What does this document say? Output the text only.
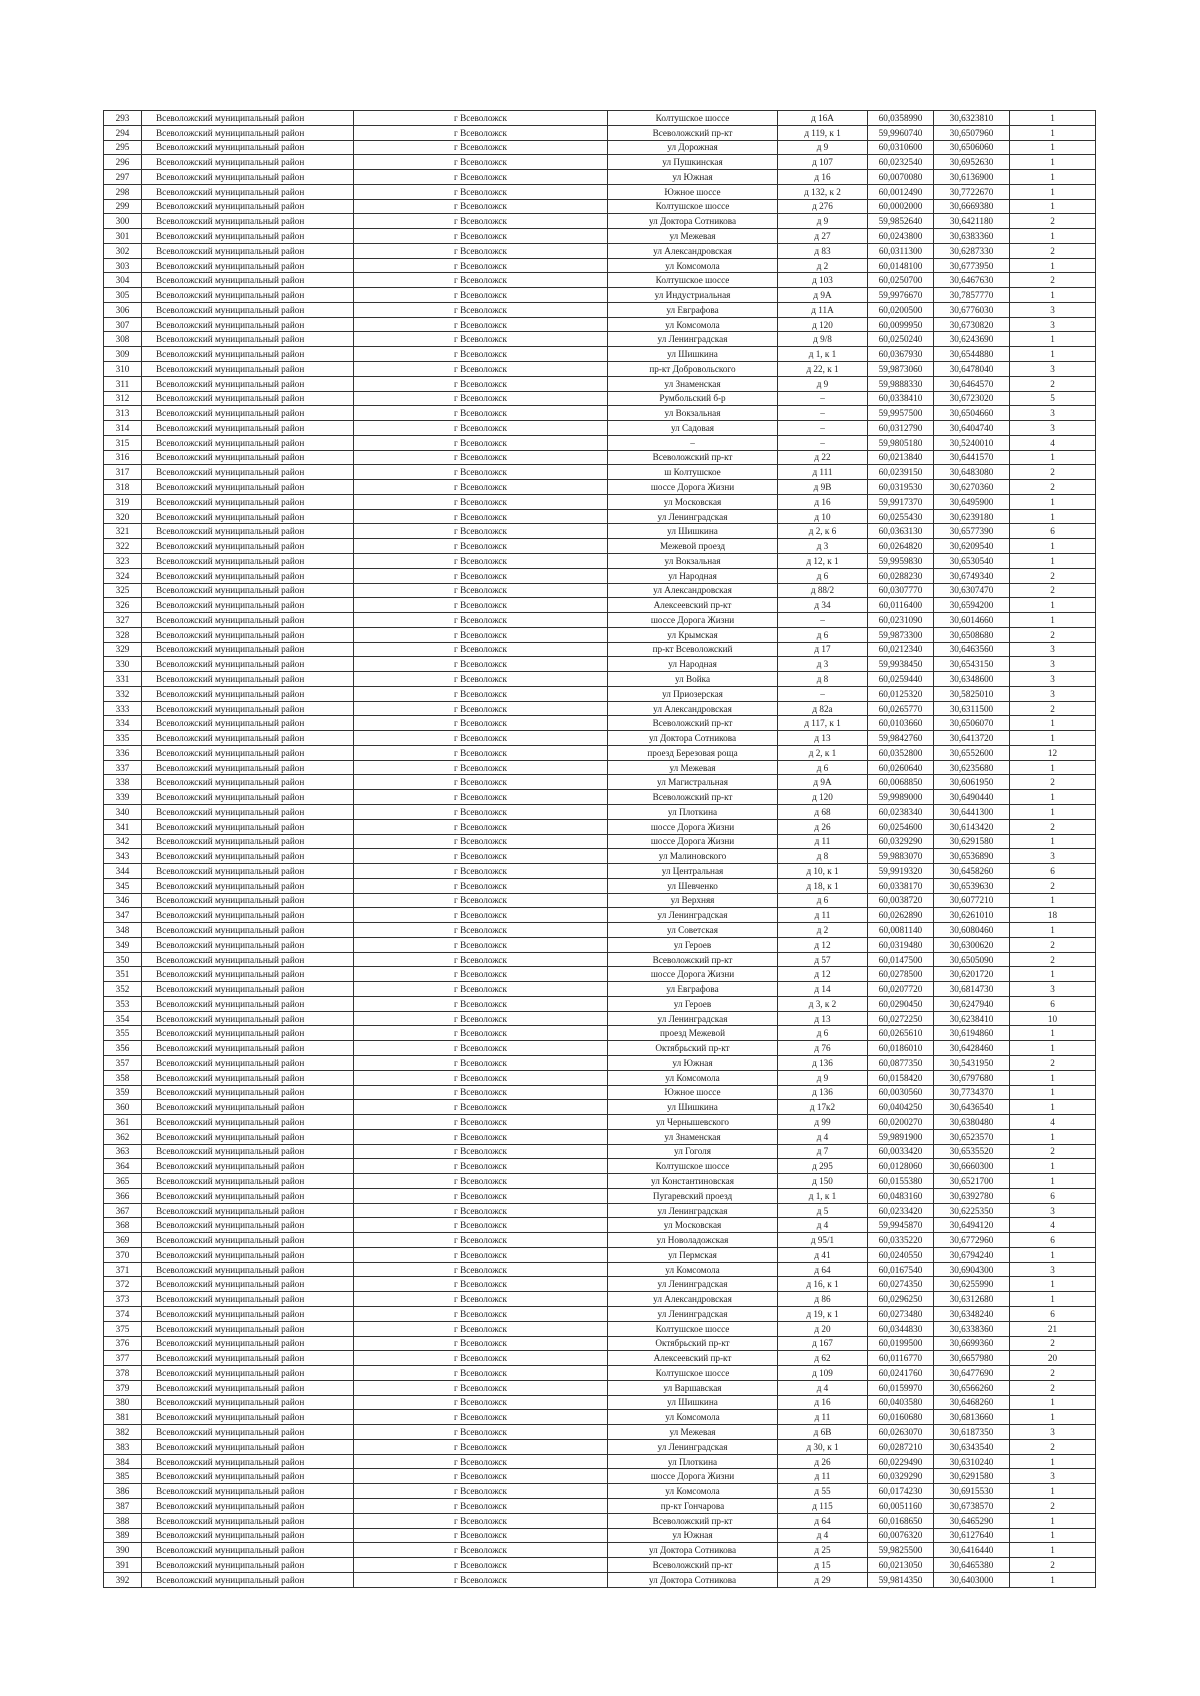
293	Всеволожский муниципальный район	г Всеволожск	Колтушское шоссе	д 16А	60,0358990	30,6323810	1
294	Всеволожский муниципальный район	г Всеволожск	Всеволожский пр-кт	д 119, к 1	59,9960740	30,6507960	1
295	Всеволожский муниципальный район	г Всеволожск	ул Дорожная	д 9	60,0310600	30,6506060	1
296	Всеволожский муниципальный район	г Всеволожск	ул Пушкинская	д 107	60,0232540	30,6952630	1
297	Всеволожский муниципальный район	г Всеволожск	ул Южная	д 16	60,0070080	30,6136900	1
298	Всеволожский муниципальный район	г Всеволожск	Южное шоссе	д 132, к 2	60,0012490	30,7722670	1
299	Всеволожский муниципальный район	г Всеволожск	Колтушское шоссе	д 276	60,0002000	30,6669380	1
300	Всеволожский муниципальный район	г Всеволожск	ул Доктора Сотникова	д 9	59,9852640	30,6421180	2
301	Всеволожский муниципальный район	г Всеволожск	ул Межевая	д 27	60,0243800	30,6383360	1
302	Всеволожский муниципальный район	г Всеволожск	ул Александровская	д 83	60,0311300	30,6287330	2
303	Всеволожский муниципальный район	г Всеволожск	ул Комсомола	д 2	60,0148100	30,6773950	1
304	Всеволожский муниципальный район	г Всеволожск	Колтушское шоссе	д 103	60,0250700	30,6467630	2
305	Всеволожский муниципальный район	г Всеволожск	ул Индустриальная	д 9А	59,9976670	30,7857770	1
306	Всеволожский муниципальный район	г Всеволожск	ул Евграфова	д 11А	60,0200500	30,6776030	3
307	Всеволожский муниципальный район	г Всеволожск	ул Комсомола	д 120	60,0099950	30,6730820	3
308	Всеволожский муниципальный район	г Всеволожск	ул Ленинградская	д 9/8	60,0250240	30,6243690	1
309	Всеволожский муниципальный район	г Всеволожск	ул Шишкина	д 1, к 1	60,0367930	30,6544880	1
310	Всеволожский муниципальный район	г Всеволожск	пр-кт Добровольского	д 22, к 1	59,9873060	30,6478040	3
311	Всеволожский муниципальный район	г Всеволожск	ул Знаменская	д 9	59,9888330	30,6464570	2
312	Всеволожский муниципальный район	г Всеволожск	Румбольский б-р	–	60,0338410	30,6723020	5
313	Всеволожский муниципальный район	г Всеволожск	ул Вокзальная	–	59,9957500	30,6504660	3
314	Всеволожский муниципальный район	г Всеволожск	ул Садовая	–	60,0312790	30,6404740	3
315	Всеволожский муниципальный район	г Всеволожск	–	–	59,9805180	30,5240010	4
316	Всеволожский муниципальный район	г Всеволожск	Всеволожский пр-кт	д 22	60,0213840	30,6441570	1
317	Всеволожский муниципальный район	г Всеволожск	ш Колтушское	д 111	60,0239150	30,6483080	2
318	Всеволожский муниципальный район	г Всеволожск	шоссе Дорога Жизни	д 9В	60,0319530	30,6270360	2
319	Всеволожский муниципальный район	г Всеволожск	ул Московская	д 16	59,9917370	30,6495900	1
320	Всеволожский муниципальный район	г Всеволожск	ул Ленинградская	д 10	60,0255430	30,6239180	1
321	Всеволожский муниципальный район	г Всеволожск	ул Шишкина	д 2, к 6	60,0363130	30,6577390	6
322	Всеволожский муниципальный район	г Всеволожск	Межевой проезд	д 3	60,0264820	30,6209540	1
323	Всеволожский муниципальный район	г Всеволожск	ул Вокзальная	д 12, к 1	59,9959830	30,6530540	1
324	Всеволожский муниципальный район	г Всеволожск	ул Народная	д 6	60,0288230	30,6749340	2
325	Всеволожский муниципальный район	г Всеволожск	ул Александровская	д 88/2	60,0307770	30,6307470	2
326	Всеволожский муниципальный район	г Всеволожск	Алексеевский пр-кт	д 34	60,0116400	30,6594200	1
327	Всеволожский муниципальный район	г Всеволожск	шоссе Дорога Жизни	–	60,0231090	30,6014660	1
328	Всеволожский муниципальный район	г Всеволожск	ул Крымская	д 6	59,9873300	30,6508680	2
329	Всеволожский муниципальный район	г Всеволожск	пр-кт Всеволожский	д 17	60,0212340	30,6463560	3
330	Всеволожский муниципальный район	г Всеволожск	ул Народная	д 3	59,9938450	30,6543150	3
331	Всеволожский муниципальный район	г Всеволожск	ул Войка	д 8	60,0259440	30,6348600	3
332	Всеволожский муниципальный район	г Всеволожск	ул Приозерская	–	60,0125320	30,5825010	3
333	Всеволожский муниципальный район	г Всеволожск	ул Александровская	д 82а	60,0265770	30,6311500	2
334	Всеволожский муниципальный район	г Всеволожск	Всеволожский пр-кт	д 117, к 1	60,0103660	30,6506070	1
335	Всеволожский муниципальный район	г Всеволожск	ул Доктора Сотникова	д 13	59,9842760	30,6413720	1
336	Всеволожский муниципальный район	г Всеволожск	проезд Березовая роща	д 2, к 1	60,0352800	30,6552600	12
337	Всеволожский муниципальный район	г Всеволожск	ул Межевая	д 6	60,0260640	30,6235680	1
338	Всеволожский муниципальный район	г Всеволожск	ул Магистральная	д 9А	60,0068850	30,6061950	2
339	Всеволожский муниципальный район	г Всеволожск	Всеволожский пр-кт	д 120	59,9989000	30,6490440	1
340	Всеволожский муниципальный район	г Всеволожск	ул Плоткина	д 68	60,0238340	30,6441300	1
341	Всеволожский муниципальный район	г Всеволожск	шоссе Дорога Жизни	д 26	60,0254600	30,6143420	2
342	Всеволожский муниципальный район	г Всеволожск	шоссе Дорога Жизни	д 11	60,0329290	30,6291580	1
343	Всеволожский муниципальный район	г Всеволожск	ул Малиновского	д 8	59,9883070	30,6536890	3
344	Всеволожский муниципальный район	г Всеволожск	ул Центральная	д 10, к 1	59,9919320	30,6458260	6
345	Всеволожский муниципальный район	г Всеволожск	ул Шевченко	д 18, к 1	60,0338170	30,6539630	2
346	Всеволожский муниципальный район	г Всеволожск	ул Верхняя	д 6	60,0038720	30,6077210	1
347	Всеволожский муниципальный район	г Всеволожск	ул Ленинградская	д 11	60,0262890	30,6261010	18
348	Всеволожский муниципальный район	г Всеволожск	ул Советская	д 2	60,0081140	30,6080460	1
349	Всеволожский муниципальный район	г Всеволожск	ул Героев	д 12	60,0319480	30,6300620	2
350	Всеволожский муниципальный район	г Всеволожск	Всеволожский пр-кт	д 57	60,0147500	30,6505090	2
351	Всеволожский муниципальный район	г Всеволожск	шоссе Дорога Жизни	д 12	60,0278500	30,6201720	1
352	Всеволожский муниципальный район	г Всеволожск	ул Евграфова	д 14	60,0207720	30,6814730	3
353	Всеволожский муниципальный район	г Всеволожск	ул Героев	д 3, к 2	60,0290450	30,6247940	6
354	Всеволожский муниципальный район	г Всеволожск	ул Ленинградская	д 13	60,0272250	30,6238410	10
355	Всеволожский муниципальный район	г Всеволожск	проезд Межевой	д 6	60,0265610	30,6194860	1
356	Всеволожский муниципальный район	г Всеволожск	Октябрьский пр-кт	д 76	60,0186010	30,6428460	1
357	Всеволожский муниципальный район	г Всеволожск	ул Южная	д 136	60,0877350	30,5431950	2
358	Всеволожский муниципальный район	г Всеволожск	ул Комсомола	д 9	60,0158420	30,6797680	1
359	Всеволожский муниципальный район	г Всеволожск	Южное шоссе	д 136	60,0030560	30,7734370	1
360	Всеволожский муниципальный район	г Всеволожск	ул Шишкина	д 17к2	60,0404250	30,6436540	1
361	Всеволожский муниципальный район	г Всеволожск	ул Чернышевского	д 99	60,0200270	30,6380480	4
362	Всеволожский муниципальный район	г Всеволожск	ул Знаменская	д 4	59,9891900	30,6523570	1
363	Всеволожский муниципальный район	г Всеволожск	ул Гоголя	д 7	60,0033420	30,6535520	2
364	Всеволожский муниципальный район	г Всеволожск	Колтушское шоссе	д 295	60,0128060	30,6660300	1
365	Всеволожский муниципальный район	г Всеволожск	ул Константиновская	д 150	60,0155380	30,6521700	1
366	Всеволожский муниципальный район	г Всеволожск	Пугаревский проезд	д 1, к 1	60,0483160	30,6392780	6
367	Всеволожский муниципальный район	г Всеволожск	ул Ленинградская	д 5	60,0233420	30,6225350	3
368	Всеволожский муниципальный район	г Всеволожск	ул Московская	д 4	59,9945870	30,6494120	4
369	Всеволожский муниципальный район	г Всеволожск	ул Новоладожская	д 95/1	60,0335220	30,6772960	6
370	Всеволожский муниципальный район	г Всеволожск	ул Пермская	д 41	60,0240550	30,6794240	1
371	Всеволожский муниципальный район	г Всеволожск	ул Комсомола	д 64	60,0167540	30,6904300	3
372	Всеволожский муниципальный район	г Всеволожск	ул Ленинградская	д 16, к 1	60,0274350	30,6255990	1
373	Всеволожский муниципальный район	г Всеволожск	ул Александровская	д 86	60,0296250	30,6312680	1
374	Всеволожский муниципальный район	г Всеволожск	ул Ленинградская	д 19, к 1	60,0273480	30,6348240	6
375	Всеволожский муниципальный район	г Всеволожск	Колтушское шоссе	д 20	60,0344830	30,6338360	21
376	Всеволожский муниципальный район	г Всеволожск	Октябрьский пр-кт	д 167	60,0199500	30,6699360	2
377	Всеволожский муниципальный район	г Всеволожск	Алексеевский пр-кт	д 62	60,0116770	30,6657980	20
378	Всеволожский муниципальный район	г Всеволожск	Колтушское шоссе	д 109	60,0241760	30,6477690	2
379	Всеволожский муниципальный район	г Всеволожск	ул Варшавская	д 4	60,0159970	30,6566260	2
380	Всеволожский муниципальный район	г Всеволожск	ул Шишкина	д 16	60,0403580	30,6468260	1
381	Всеволожский муниципальный район	г Всеволожск	ул Комсомола	д 11	60,0160680	30,6813660	1
382	Всеволожский муниципальный район	г Всеволожск	ул Межевая	д 6В	60,0263070	30,6187350	3
383	Всеволожский муниципальный район	г Всеволожск	ул Ленинградская	д 30, к 1	60,0287210	30,6343540	2
384	Всеволожский муниципальный район	г Всеволожск	ул Плоткина	д 26	60,0229490	30,6310240	1
385	Всеволожский муниципальный район	г Всеволожск	шоссе Дорога Жизни	д 11	60,0329290	30,6291580	3
386	Всеволожский муниципальный район	г Всеволожск	ул Комсомола	д 55	60,0174230	30,6915530	1
387	Всеволожский муниципальный район	г Всеволожск	пр-кт Гончарова	д 115	60,0051160	30,6738570	2
388	Всеволожский муниципальный район	г Всеволожск	Всеволожский пр-кт	д 64	60,0168650	30,6465290	1
389	Всеволожский муниципальный район	г Всеволожск	ул Южная	д 4	60,0076320	30,6127640	1
390	Всеволожский муниципальный район	г Всеволожск	ул Доктора Сотникова	д 25	59,9825500	30,6416440	1
391	Всеволожский муниципальный район	г Всеволожск	Всеволожский пр-кт	д 15	60,0213050	30,6465380	2
392	Всеволожский муниципальный район	г Всеволожск	ул Доктора Сотникова	д 29	59,9814350	30,6403000	1
